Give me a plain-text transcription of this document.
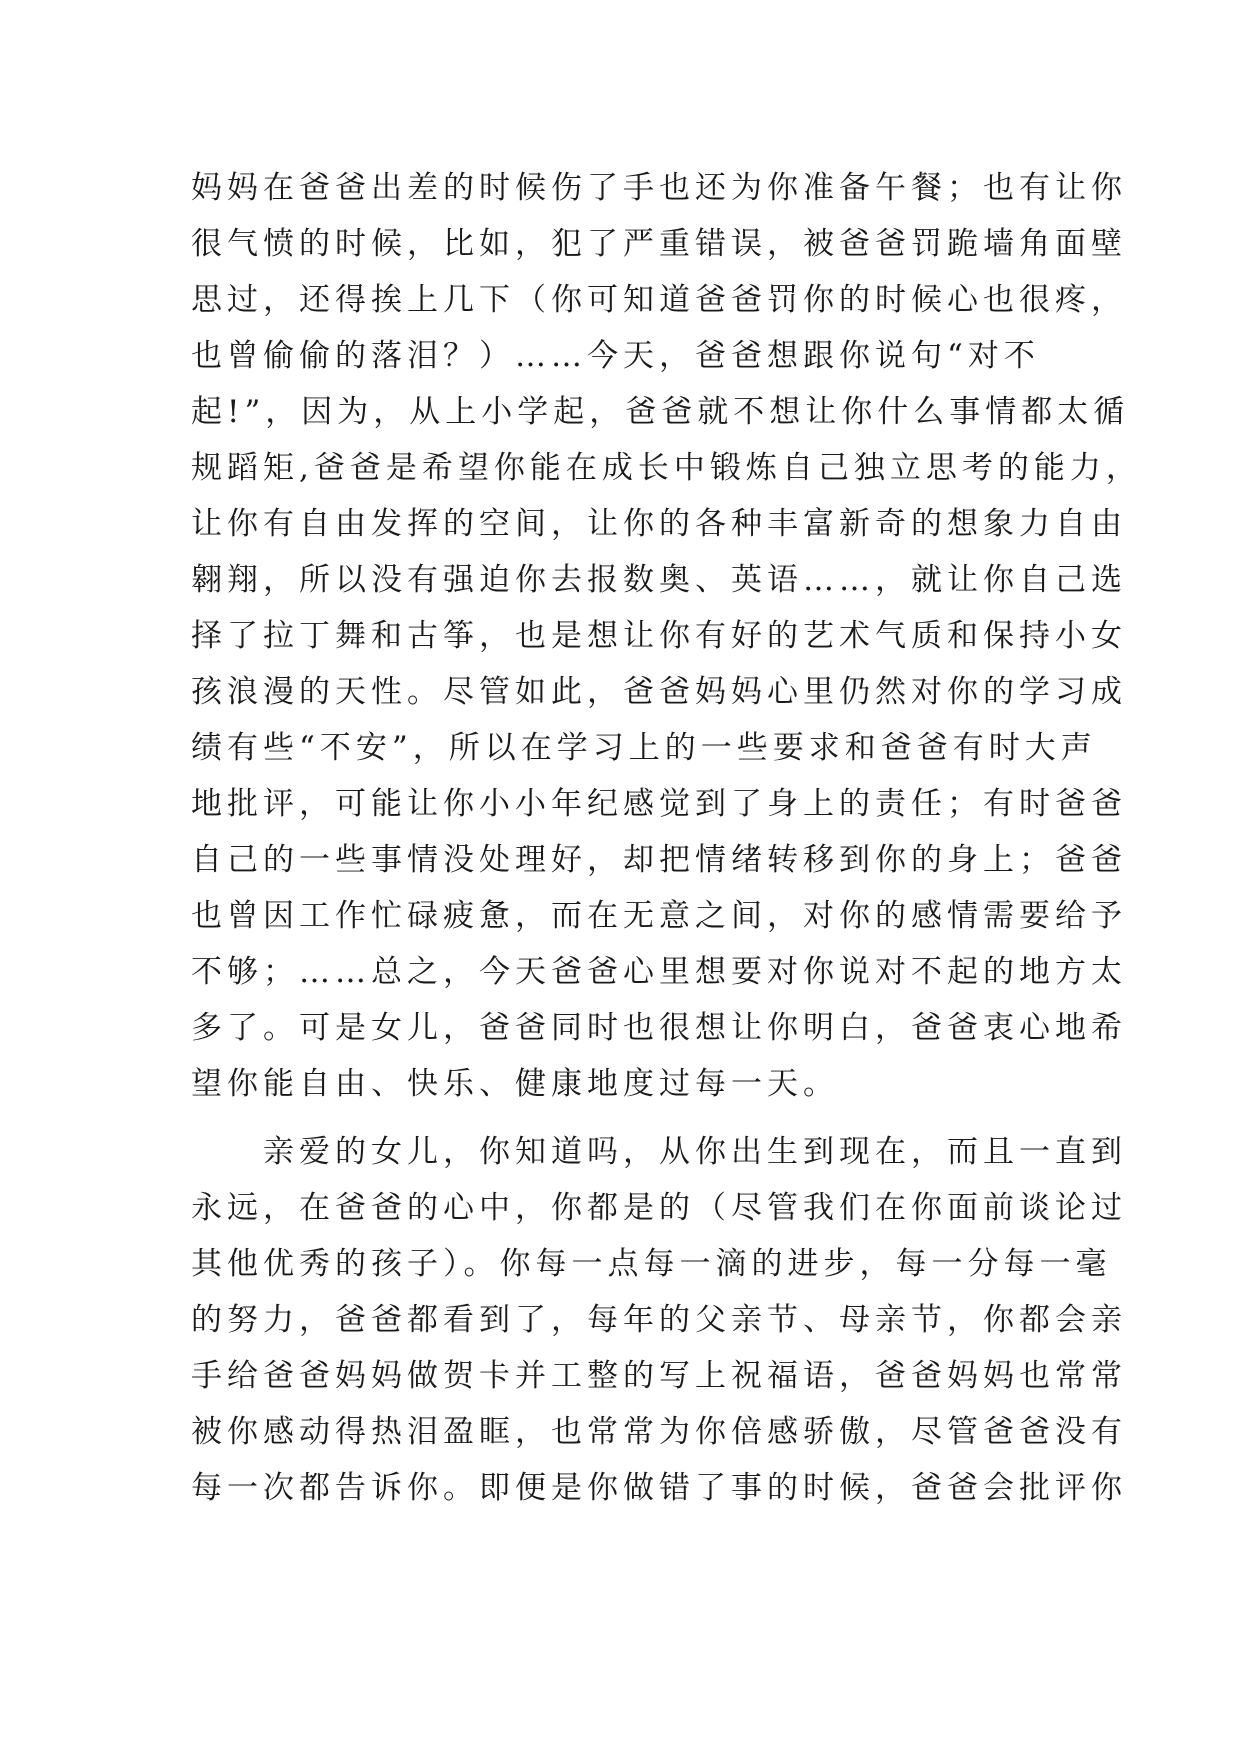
妈妈在爸爸出差的时候伤了手也还为你准备午餐；也有让你
很气愤的时候，比如，犯了严重错误，被爸爸罚跪墙角面壁
思过，还得挨上几下（你可知道爸爸罚你的时候心也很疼，
也曾偷偷的落泪？）……今天，爸爸想跟你说句“对不
起!”，因为，从上小学起，爸爸就不想让你什么事情都太循
规蹈矩,爸爸是希望你能在成长中锻炼自己独立思考的能力，
让你有自由发挥的空间，让你的各种丰富新奇的想象力自由
翱翔，所以没有强迫你去报数奥、英语……，就让你自己选
择了拉丁舞和古筝，也是想让你有好的艺术气质和保持小女
孩浪漫的天性。尽管如此，爸爸妈妈心里仍然对你的学习成
绩有些“不安”，所以在学习上的一些要求和爸爸有时大声
地批评，可能让你小小年纪感觉到了身上的责任；有时爸爸
自己的一些事情没处理好，却把情绪转移到你的身上；爸爸
也曾因工作忙碌疲惫，而在无意之间，对你的感情需要给予
不够；……总之，今天爸爸心里想要对你说对不起的地方太
多了。可是女儿，爸爸同时也很想让你明白，爸爸衷心地希
望你能自由、快乐、健康地度过每一天。
亲爱的女儿，你知道吗，从你出生到现在，而且一直到
永远，在爸爸的心中，你都是的（尽管我们在你面前谈论过
其他优秀的孩子）。你每一点每一滴的进步，每一分每一毫
的努力，爸爸都看到了，每年的父亲节、母亲节，你都会亲
手给爸爸妈妈做贺卡并工整的写上祝福语，爸爸妈妈也常常
被你感动得热泪盈眶，也常常为你倍感骄傲，尽管爸爸没有
每一次都告诉你。即便是你做错了事的时候，爸爸会批评你
